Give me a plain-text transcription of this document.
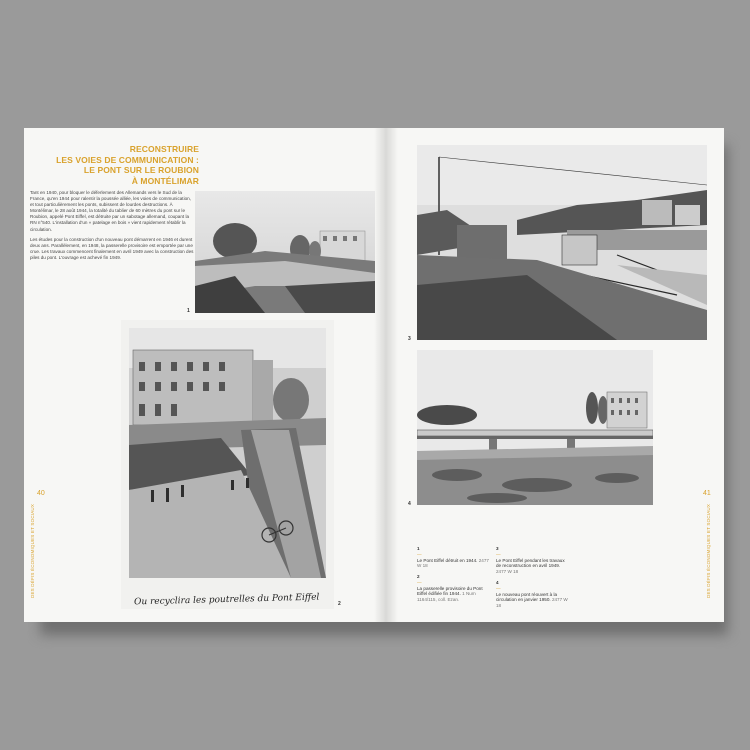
RECONSTRUIRE
LES VOIES DE COMMUNICATION :
LE PONT SUR LE ROUBION
À MONTÉLIMAR

Tant en 1940, pour bloquer le déferlement des Allemands vers le Sud de la France, qu'en 1944 pour ralentir la poussée alliée, les voies de communication, et tout particulièrement les ponts, subissent de lourdes destructions. À Montélimar, le 28 août 1944, la totalité du tablier de 60 mètres du pont sur le Roubion, appelé Pont Eiffel, est détruite par un sabotage allemand, coupant la RN n°540. L'installation d'un « patelage en bois » vient rapidement rétablir la circulation.

Les études pour la construction d'un nouveau pont démarrent en 1946 et durent deux ans. Parallèlement, en 1948, la passerelle provisoire est emportée par une crue. Les travaux commencent finalement en avril 1949 avec la construction des piles du pont. L'ouvrage est achevé fin 1949.

1
Ou recyclira les poutrelles du Pont Eiffel	2
40
DES DÉFIS ÉCONOMIQUES ET SOCIAUX
3
4
1
—
Le Pont Eiffel détruit en 1944. 2477 W 18
2
—
La passerelle provisoire du Pont Eiffel édifiée fin 1944. 1 Num 1164/115, coll. Ezan.
3
—
Le Pont Eiffel pendant les travaux de reconstruction en avril 1949. 2477 W 18
4
—
Le nouveau pont réouvert à la circulation en janvier 1950. 2477 W 18
41
DES DÉFIS ÉCONOMIQUES ET SOCIAUX
